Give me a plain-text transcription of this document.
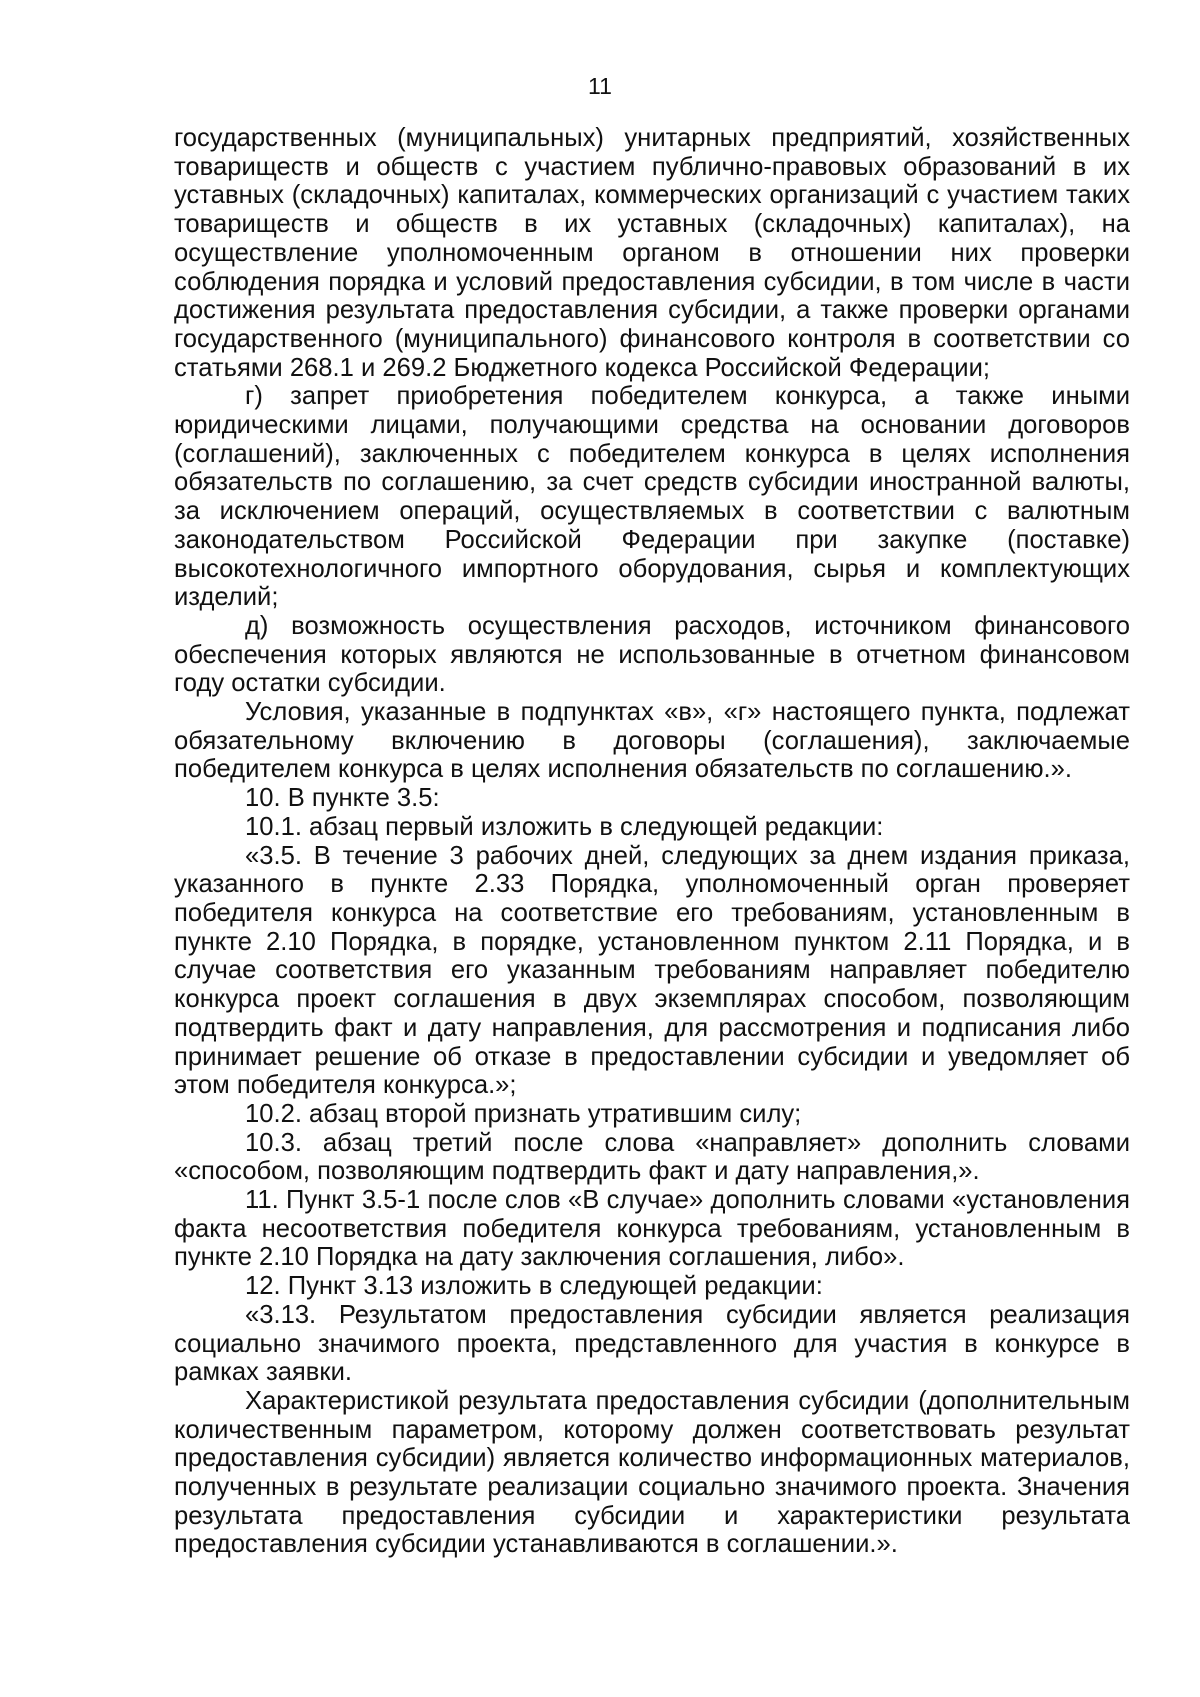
11

государственных (муниципальных) унитарных предприятий, хозяйственных товариществ и обществ с участием публично-правовых образований в их уставных (складочных) капиталах, коммерческих организаций с участием таких товариществ и обществ в их уставных (складочных) капиталах), на осуществление уполномоченным органом в отношении них проверки соблюдения порядка и условий предоставления субсидии, в том числе в части достижения результата предоставления субсидии, а также проверки органами государственного (муниципального) финансового контроля в соответствии со статьями 268.1 и 269.2 Бюджетного кодекса Российской Федерации;

г) запрет приобретения победителем конкурса, а также иными юридическими лицами, получающими средства на основании договоров (соглашений), заключенных с победителем конкурса в целях исполнения обязательств по соглашению, за счет средств субсидии иностранной валюты, за исключением операций, осуществляемых в соответствии с валютным законодательством Российской Федерации при закупке (поставке) высокотехнологичного импортного оборудования, сырья и комплектующих изделий;

д) возможность осуществления расходов, источником финансового обеспечения которых являются не использованные в отчетном финансовом году остатки субсидии.

Условия, указанные в подпунктах «в», «г» настоящего пункта, подлежат обязательному включению в договоры (соглашения), заключаемые победителем конкурса в целях исполнения обязательств по соглашению.».

10. В пункте 3.5:

10.1. абзац первый изложить в следующей редакции:

«3.5. В течение 3 рабочих дней, следующих за днем издания приказа, указанного в пункте 2.33 Порядка, уполномоченный орган проверяет победителя конкурса на соответствие его требованиям, установленным в пункте 2.10 Порядка, в порядке, установленном пунктом 2.11 Порядка, и в случае соответствия его указанным требованиям направляет победителю конкурса проект соглашения в двух экземплярах способом, позволяющим подтвердить факт и дату направления, для рассмотрения и подписания либо принимает решение об отказе в предоставлении субсидии и уведомляет об этом победителя конкурса.»;

10.2. абзац второй признать утратившим силу;

10.3. абзац третий после слова «направляет» дополнить словами «способом, позволяющим подтвердить факт и дату направления,».

11. Пункт 3.5-1 после слов «В случае» дополнить словами «установления факта несоответствия победителя конкурса требованиям, установленным в пункте 2.10 Порядка на дату заключения соглашения, либо».

12. Пункт 3.13 изложить в следующей редакции:

«3.13. Результатом предоставления субсидии является реализация социально значимого проекта, представленного для участия в конкурсе в рамках заявки.

Характеристикой результата предоставления субсидии (дополнительным количественным параметром, которому должен соответствовать результат предоставления субсидии) является количество информационных материалов, полученных в результате реализации социально значимого проекта. Значения результата предоставления субсидии и характеристики результата предоставления субсидии устанавливаются в соглашении.».
